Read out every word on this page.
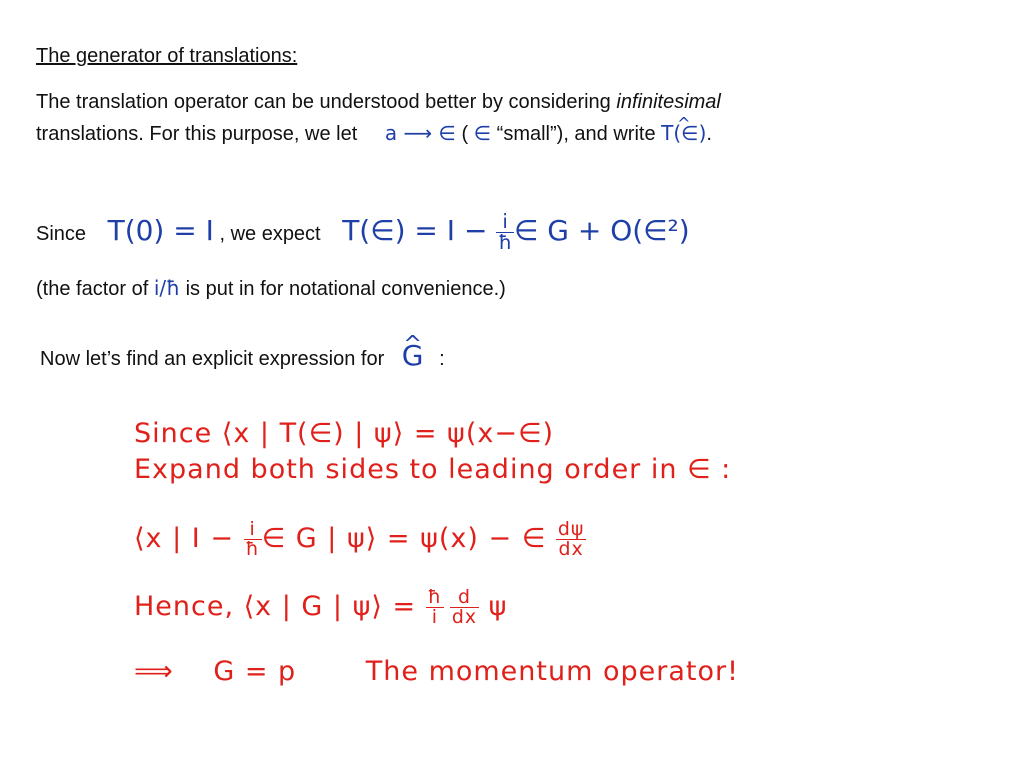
The generator of translations:
The translation operator can be understood better by considering infinitesimal
translations. For this purpose, we let a ⟶ ∈ ( ∈ “small”), and write ^ T(∈).
Since T(0) = I , we expect T(∈) = $I - \frac{i}{ħ}$ ∈ G + O(∈²)
(the factor of i/ħ is put in for notational convenience.)
Now let’s find an explicit expression for ^ G :
Since ⟨x | T(∈) | ψ⟩ = ψ(x−∈)
Expand both sides to leading order in ∈ :
⟨x | $I - \frac{i}{ħ}$ ∈ G | ψ⟩ = ψ(x) − ∈ $\frac{d\psi}{dx}$
Hence, ⟨x | G | ψ⟩ = $\frac{ħ}{i} \frac{d}{dx}$ ψ
⟹ G = p	The momentum operator!
